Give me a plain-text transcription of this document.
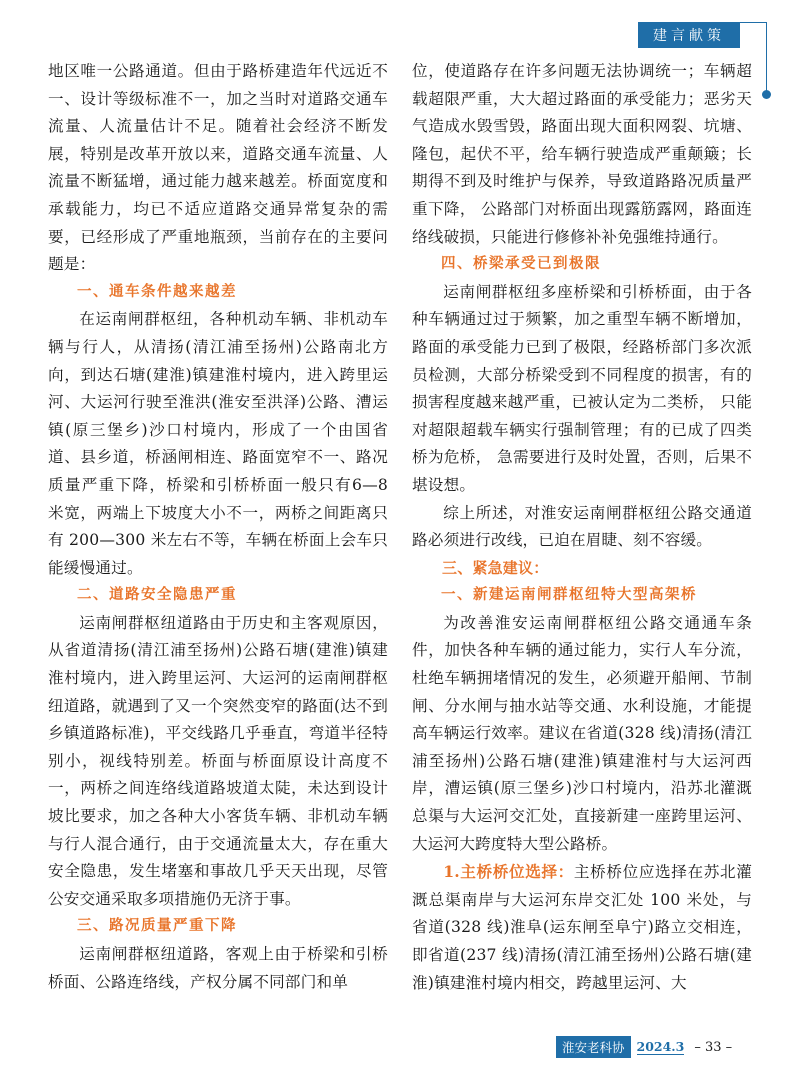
建言献策

地区唯一公路通道。但由于路桥建造年代远近不一、设计等级标准不一，加之当时对道路交通车流量、人流量估计不足。随着社会经济不断发展，特别是改革开放以来，道路交通车流量、人流量不断猛增，通过能力越来越差。桥面宽度和承载能力，均已不适应道路交通异常复杂的需要，已经形成了严重地瓶颈，当前存在的主要问题是：

一、通车条件越来越差

在运南闸群枢纽，各种机动车辆、非机动车辆与行人，从清扬(清江浦至扬州)公路南北方向，到达石塘(建淮)镇建淮村境内，进入跨里运河、大运河行驶至淮洪(淮安至洪泽)公路、漕运镇(原三堡乡)沙口村境内，形成了一个由国省道、县乡道，桥涵闸相连、路面宽窄不一、路况质量严重下降，桥梁和引桥桥面一般只有6—8 米宽，两端上下坡度大小不一，两桥之间距离只有 200—300 米左右不等，车辆在桥面上会车只能缓慢通过。

二、道路安全隐患严重

运南闸群枢纽道路由于历史和主客观原因，从省道清扬(清江浦至扬州)公路石塘(建淮)镇建淮村境内，进入跨里运河、大运河的运南闸群枢纽道路，就遇到了又一个突然变窄的路面(达不到乡镇道路标准)，平交线路几乎垂直，弯道半径特别小，视线特别差。桥面与桥面原设计高度不一，两桥之间连络线道路坡道太陡，未达到设计坡比要求，加之各种大小客货车辆、非机动车辆与行人混合通行，由于交通流量太大，存在重大安全隐患，发生堵塞和事故几乎天天出现，尽管公安交通采取多项措施仍无济于事。

三、路况质量严重下降

运南闸群枢纽道路，客观上由于桥梁和引桥桥面、公路连络线，产权分属不同部门和单

位，使道路存在许多问题无法协调统一；车辆超载超限严重，大大超过路面的承受能力；恶劣天气造成水毁雪毁，路面出现大面积网裂、坑塘、隆包，起伏不平，给车辆行驶造成严重颠簸；长期得不到及时维护与保养，导致道路路况质量严重下降， 公路部门对桥面出现露筋露网，路面连络线破损，只能进行修修补补免强维持通行。

四、桥梁承受已到极限

运南闸群枢纽多座桥梁和引桥桥面，由于各种车辆通过过于频繁，加之重型车辆不断增加，路面的承受能力已到了极限，经路桥部门多次派员检测，大部分桥梁受到不同程度的损害，有的损害程度越来越严重，已被认定为二类桥， 只能对超限超载车辆实行强制管理；有的已成了四类桥为危桥， 急需要进行及时处置，否则，后果不堪设想。

综上所述，对淮安运南闸群枢纽公路交通道路必须进行改线，已迫在眉睫、刻不容缓。

三、紧急建议：

一、新建运南闸群枢纽特大型高架桥

为改善淮安运南闸群枢纽公路交通通车条件，加快各种车辆的通过能力，实行人车分流，杜绝车辆拥堵情况的发生，必须避开船闸、节制闸、分水闸与抽水站等交通、水利设施，才能提高车辆运行效率。建议在省道(328 线)清扬(清江浦至扬州)公路石塘(建淮)镇建淮村与大运河西岸，漕运镇(原三堡乡)沙口村境内，沿苏北灌溉总渠与大运河交汇处，直接新建一座跨里运河、大运河大跨度特大型公路桥。

1.主桥桥位选择：主桥桥位应选择在苏北灌溉总渠南岸与大运河东岸交汇处 100 米处，与省道(328 线)淮阜(运东闸至阜宁)路立交相连，即省道(237 线)清扬(清江浦至扬州)公路石塘(建淮)镇建淮村境内相交，跨越里运河、大

淮安老科协 2024.3 – 33 –
